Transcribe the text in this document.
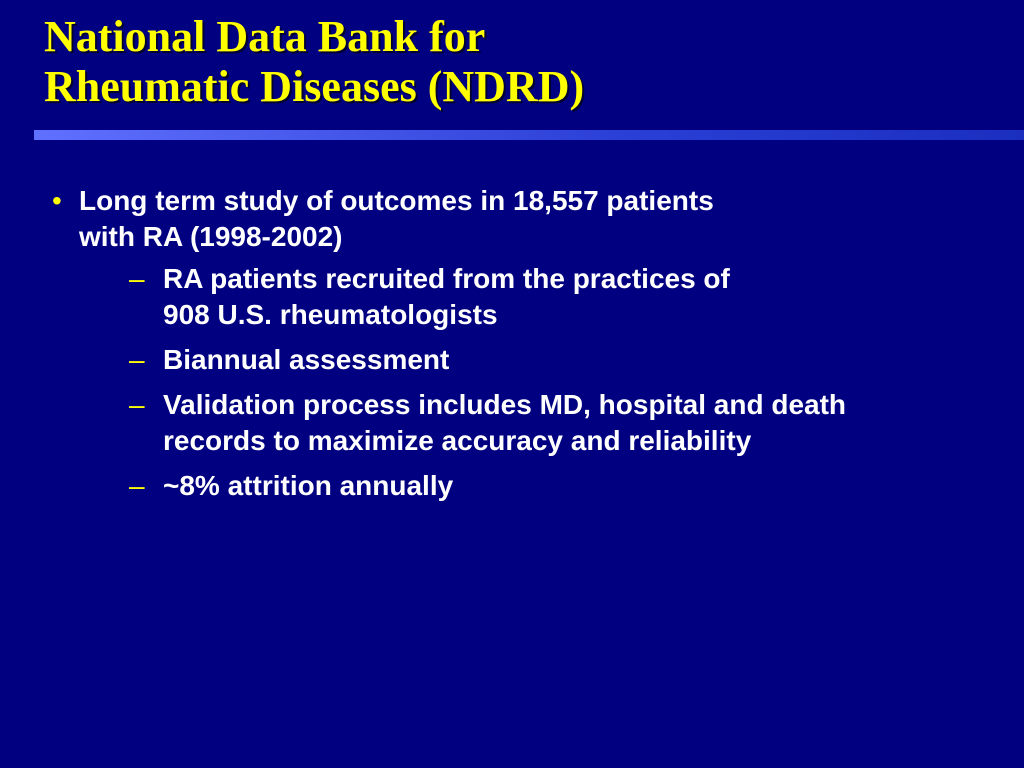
National Data Bank for
Rheumatic Diseases (NDRD)
• Long term study of outcomes in 18,557 patients
with RA (1998-2002)
– RA patients recruited from the practices of
908 U.S. rheumatologists
– Biannual assessment
– Validation process includes MD, hospital and death
records to maximize accuracy and reliability
– ~8% attrition annually
